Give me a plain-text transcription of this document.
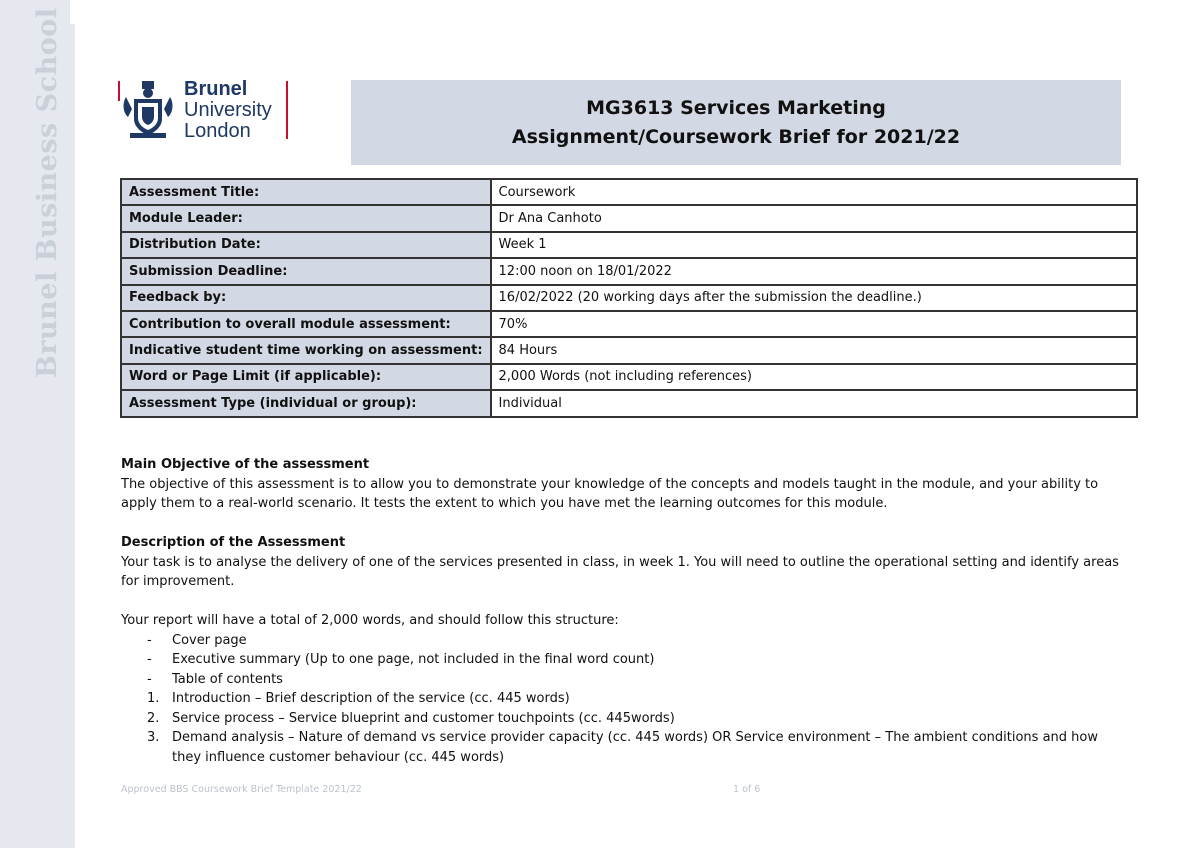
Brunel Business School	Brunel
University
London
MG3613 Services Marketing
Assignment/Coursework Brief for 2021/22
Assessment Title:	Coursework
Module Leader:	Dr Ana Canhoto
Distribution Date:	Week 1
Submission Deadline:	12:00 noon on 18/01/2022
Feedback by:	16/02/2022 (20 working days after the submission the deadline.)
Contribution to overall module assessment:	70%
Indicative student time working on assessment:	84 Hours
Word or Page Limit (if applicable):	2,000 Words (not including references)
Assessment Type (individual or group):	Individual

Main Objective of the assessment

The objective of this assessment is to allow you to demonstrate your knowledge of the concepts and models taught in the module, and your ability to apply them to a real-world scenario. It tests the extent to which you have met the learning outcomes for this module.

Description of the Assessment

Your task is to analyse the delivery of one of the services presented in class, in week 1. You will need to outline the operational setting and identify areas for improvement.

Your report will have a total of 2,000 words, and should follow this structure:

- Cover page
- Executive summary (Up to one page, not included in the final word count)
- Table of contents
1. Introduction – Brief description of the service (cc. 445 words)
2. Service process – Service blueprint and customer touchpoints (cc. 445words)
3. Demand analysis – Nature of demand vs service provider capacity (cc. 445 words) OR Service environment – The ambient conditions and how they influence customer behaviour (cc. 445 words)
Approved BBS Coursework Brief Template 2021/22	1 of 6
